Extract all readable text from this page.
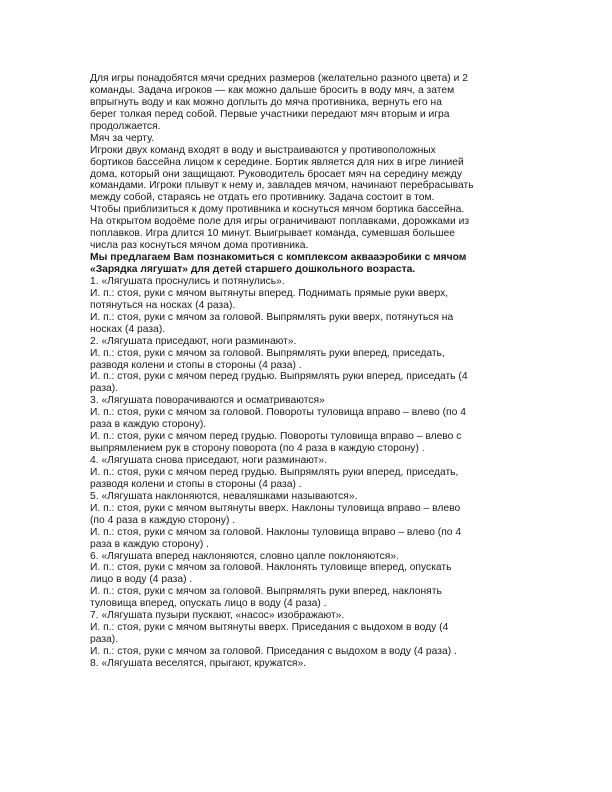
Для игры понадобятся мячи средних размеров (желательно разного цвета) и 2
команды. Задача игроков — как можно дальше бросить в воду мяч, а затем
впрыгнуть воду и как можно доплыть до мяча противника, вернуть его на
берег толкая перед собой. Первые участники передают мяч вторым и игра
продолжается.
Мяч за черту.
Игроки двух команд входят в воду и выстраиваются у противоположных
бортиков бассейна лицом к середине. Бортик является для них в игре линией
дома, который они защищают. Руководитель бросает мяч на середину между
командами. Игроки плывут к нему и, завладев мячом, начинают перебрасывать
между собой, стараясь не отдать его противнику. Задача состоит в том.
Чтобы приблизиться к дому противника и коснуться мячом бортика бассейна.
На открытом водоёме поле для игры ограничивают поплавками, дорожками из
поплавков. Игра длится 10 минут. Выигрывает команда, сумевшая большее
числа раз коснуться мячом дома противника.
Мы предлагаем Вам познакомиться с комплексом аквааэробики с мячом
«Зарядка лягушат» для детей старшего дошкольного возраста.
1. «Лягушата проснулись и потянулись».
И. п.: стоя, руки с мячом вытянуты вперед. Поднимать прямые руки вверх,
потянуться на носках (4 раза).
И. п.: стоя, руки с мячом за головой. Выпрямлять руки вверх, потянуться на
носках (4 раза).
2. «Лягушата приседают, ноги разминают».
И. п.: стоя, руки с мячом за головой. Выпрямлять руки вперед, приседать,
разводя колени и стопы в стороны (4 раза) .
И. п.: стоя, руки с мячом перед грудью. Выпрямлять руки вперед, приседать (4
раза).
3. «Лягушата поворачиваются и осматриваются»
И. п.: стоя, руки с мячом за головой. Повороты туловища вправо – влево (по 4
раза в каждую сторону).
И. п.: стоя, руки с мячом перед грудью. Повороты туловища вправо – влево с
выпрямлением рук в сторону поворота (по 4 раза в каждую сторону) .
4. «Лягушата снова приседают, ноги разминают».
И. п.: стоя, руки с мячом перед грудью. Выпрямлять руки вперед, приседать,
разводя колени и стопы в стороны (4 раза) .
5. «Лягушата наклоняются, неваляшками называются».
И. п.: стоя, руки с мячом вытянуты вверх. Наклоны туловища вправо – влево
(по 4 раза в каждую сторону) .
И. п.: стоя, руки с мячом за головой. Наклоны туловища вправо – влево (по 4
раза в каждую сторону) .
6. «Лягушата вперед наклоняются, словно цапле поклоняются».
И. п.: стоя, руки с мячом за головой. Наклонять туловище вперед, опускать
лицо в воду (4 раза) .
И. п.: стоя, руки с мячом за головой. Выпрямлять руки вперед, наклонять
туловища вперед, опускать лицо в воду (4 раза) .
7. «Лягушата пузыри пускают, «насос» изображают».
И. п.: стоя, руки с мячом вытянуты вверх. Приседания с выдохом в воду (4
раза).
И. п.: стоя, руки с мячом за головой. Приседания с выдохом в воду (4 раза) .
8. «Лягушата веселятся, прыгают, кружатся».
